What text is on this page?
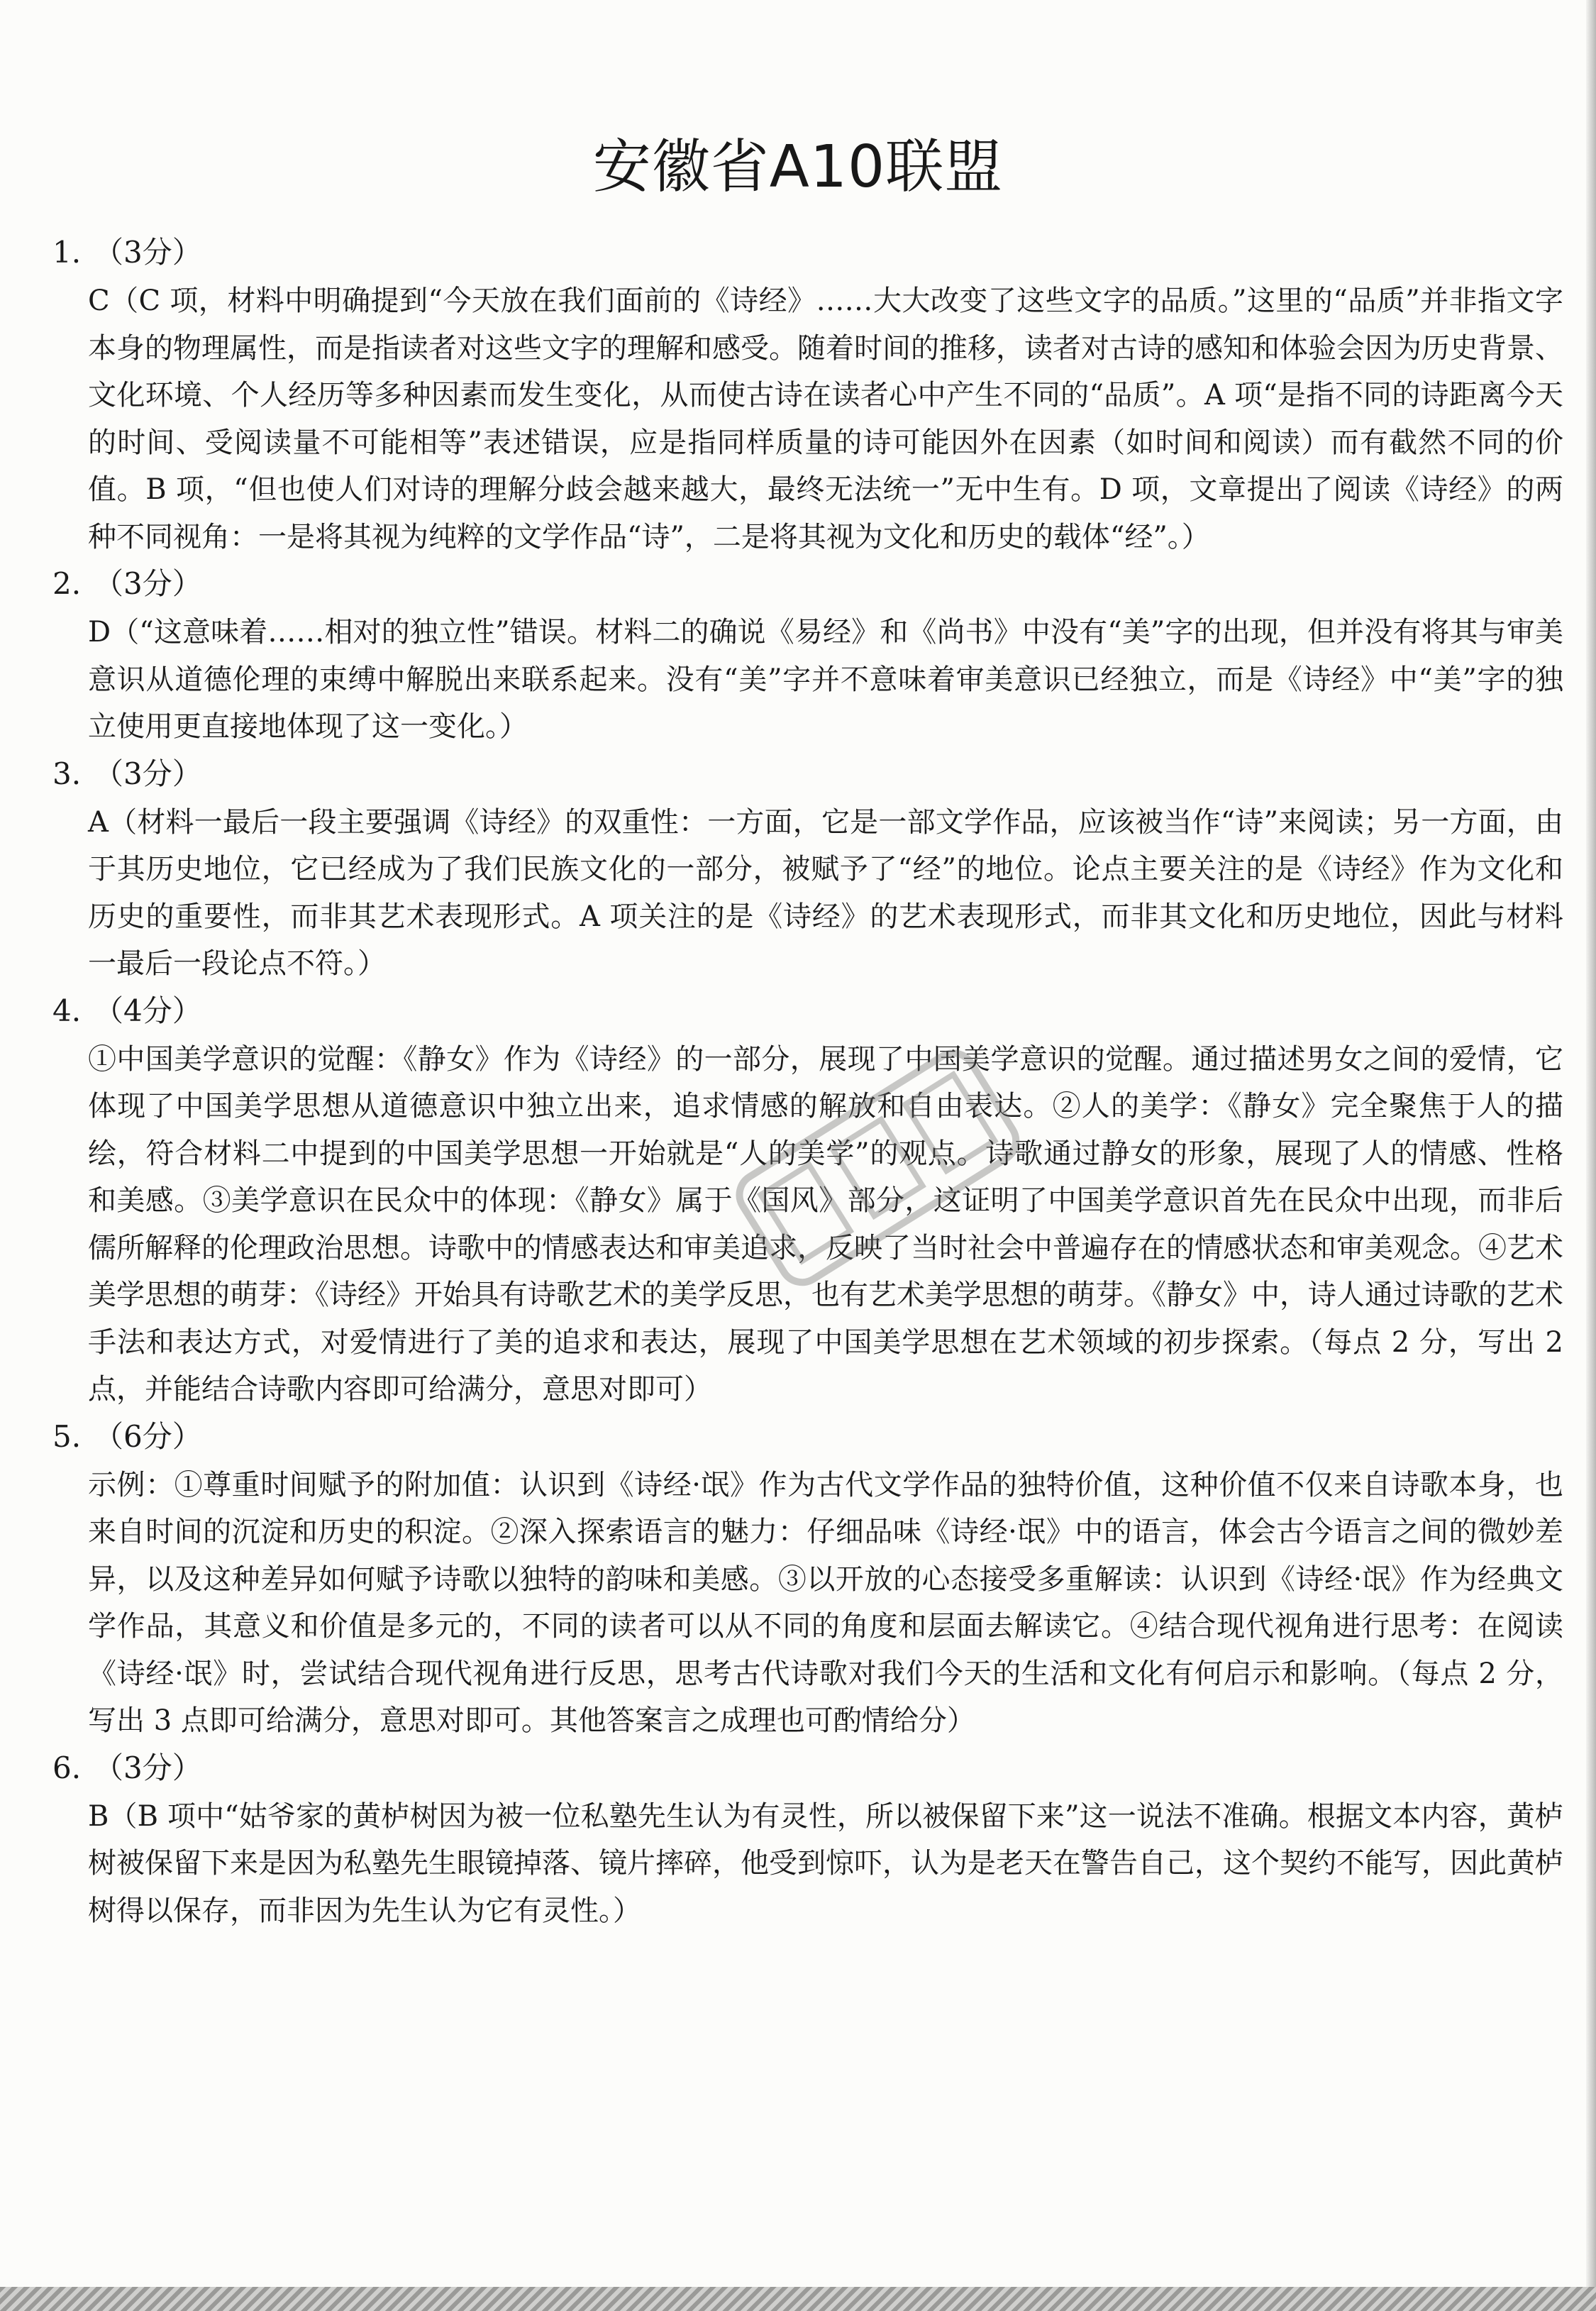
安徽省A10联盟
1. （3分）
C（C 项，材料中明确提到“今天放在我们面前的《诗经》……大大改变了这些文字的品质。”这里的“品质”并非指文字本身的物理属性，而是指读者对这些文字的理解和感受。随着时间的推移，读者对古诗的感知和体验会因为历史背景、文化环境、个人经历等多种因素而发生变化，从而使古诗在读者心中产生不同的“品质”。A 项“是指不同的诗距离今天的时间、受阅读量不可能相等”表述错误，应是指同样质量的诗可能因外在因素（如时间和阅读）而有截然不同的价值。B 项，“但也使人们对诗的理解分歧会越来越大，最终无法统一”无中生有。D 项，文章提出了阅读《诗经》的两种不同视角：一是将其视为纯粹的文学作品“诗”，二是将其视为文化和历史的载体“经”。）
2. （3分）
D（“这意味着……相对的独立性”错误。材料二的确说《易经》和《尚书》中没有“美”字的出现，但并没有将其与审美意识从道德伦理的束缚中解脱出来联系起来。没有“美”字并不意味着审美意识已经独立，而是《诗经》中“美”字的独立使用更直接地体现了这一变化。）
3. （3分）
A（材料一最后一段主要强调《诗经》的双重性：一方面，它是一部文学作品，应该被当作“诗”来阅读；另一方面，由于其历史地位，它已经成为了我们民族文化的一部分，被赋予了“经”的地位。论点主要关注的是《诗经》作为文化和历史的重要性，而非其艺术表现形式。A 项关注的是《诗经》的艺术表现形式，而非其文化和历史地位，因此与材料一最后一段论点不符。）
4. （4分）
①中国美学意识的觉醒：《静女》作为《诗经》的一部分，展现了中国美学意识的觉醒。通过描述男女之间的爱情，它体现了中国美学思想从道德意识中独立出来，追求情感的解放和自由表达。②人的美学：《静女》完全聚焦于人的描绘，符合材料二中提到的中国美学思想一开始就是“人的美学”的观点。诗歌通过静女的形象，展现了人的情感、性格和美感。③美学意识在民众中的体现：《静女》属于《国风》部分，这证明了中国美学意识首先在民众中出现，而非后儒所解释的伦理政治思想。诗歌中的情感表达和审美追求，反映了当时社会中普遍存在的情感状态和审美观念。④艺术美学思想的萌芽：《诗经》开始具有诗歌艺术的美学反思，也有艺术美学思想的萌芽。《静女》中，诗人通过诗歌的艺术手法和表达方式，对爱情进行了美的追求和表达，展现了中国美学思想在艺术领域的初步探索。（每点 2 分，写出 2 点，并能结合诗歌内容即可给满分，意思对即可）
5. （6分）
示例：①尊重时间赋予的附加值：认识到《诗经·氓》作为古代文学作品的独特价值，这种价值不仅来自诗歌本身，也来自时间的沉淀和历史的积淀。②深入探索语言的魅力：仔细品味《诗经·氓》中的语言，体会古今语言之间的微妙差异，以及这种差异如何赋予诗歌以独特的韵味和美感。③以开放的心态接受多重解读：认识到《诗经·氓》作为经典文学作品，其意义和价值是多元的，不同的读者可以从不同的角度和层面去解读它。④结合现代视角进行思考：在阅读《诗经·氓》时，尝试结合现代视角进行反思，思考古代诗歌对我们今天的生活和文化有何启示和影响。（每点 2 分，写出 3 点即可给满分，意思对即可。其他答案言之成理也可酌情给分）
6. （3分）
B（B 项中“姑爷家的黄栌树因为被一位私塾先生认为有灵性，所以被保留下来”这一说法不准确。根据文本内容，黄栌树被保留下来是因为私塾先生眼镜掉落、镜片摔碎，他受到惊吓，认为是老天在警告自己，这个契约不能写，因此黄栌树得以保存，而非因为先生认为它有灵性。）
